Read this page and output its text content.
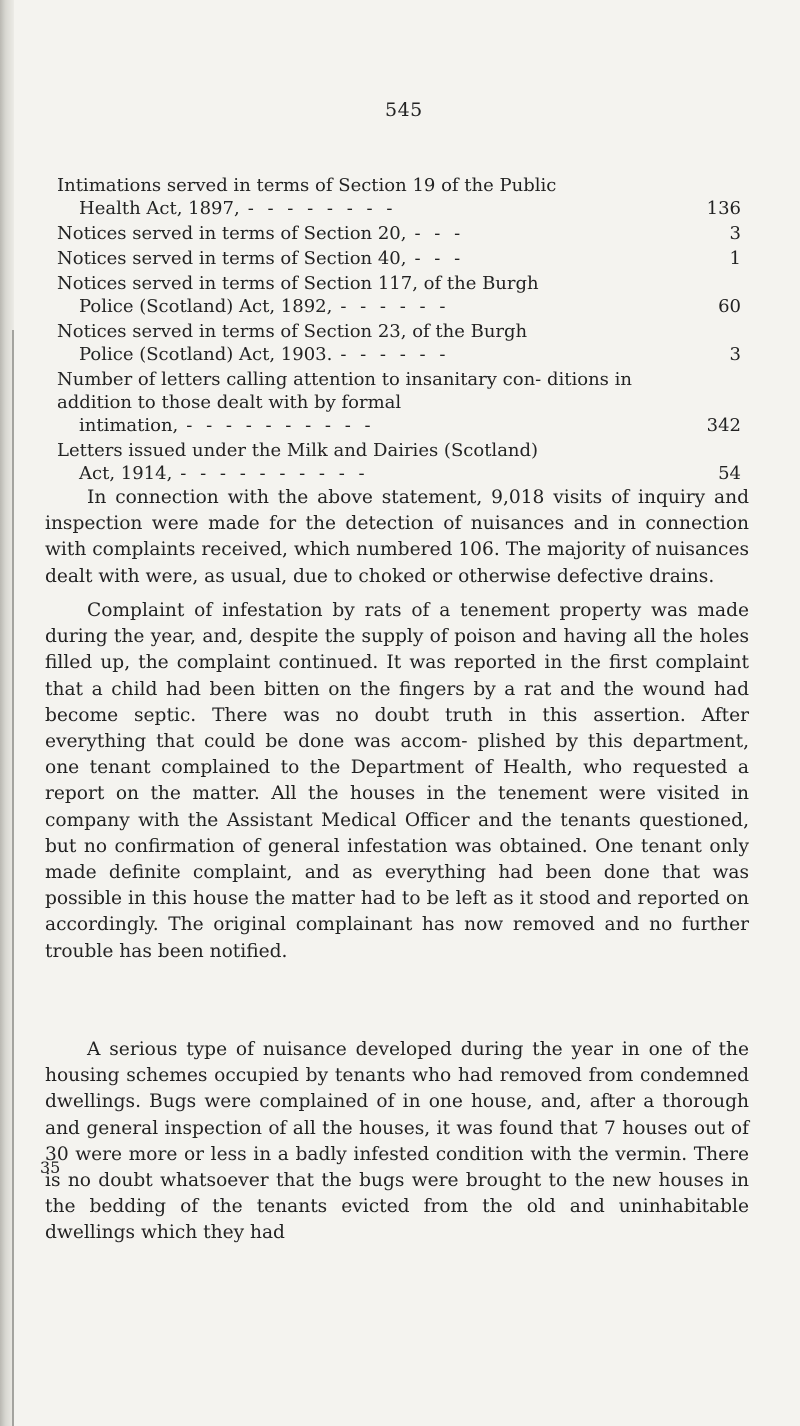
545
Intimations served in terms of Section 19 of the Public
Health Act, 1897, - - - - - - - -	136
Notices served in terms of Section 20, - - -	3
Notices served in terms of Section 40, - - -	1
Notices served in terms of Section 117, of the Burgh
Police (Scotland) Act, 1892, - - - - - -	60
Notices served in terms of Section 23, of the Burgh
Police (Scotland) Act, 1903. - - - - - -	3
Number of letters calling attention to insanitary con- ditions in addition to those dealt with by formal
intimation, - - - - - - - - - -	342
Letters issued under the Milk and Dairies (Scotland)
Act, 1914, - - - - - - - - - -	54

In connection with the above statement, 9,018 visits of inquiry and inspection were made for the detection of nuisances and in connection with complaints received, which numbered 106. The majority of nuisances dealt with were, as usual, due to choked or otherwise defective drains.

Complaint of infestation by rats of a tenement property was made during the year, and, despite the supply of poison and having all the holes filled up, the complaint continued. It was reported in the first complaint that a child had been bitten on the fingers by a rat and the wound had become septic. There was no doubt truth in this assertion. After everything that could be done was accom- plished by this department, one tenant complained to the Department of Health, who requested a report on the matter. All the houses in the tenement were visited in company with the Assistant Medical Officer and the tenants questioned, but no confirmation of general infestation was obtained. One tenant only made definite complaint, and as everything had been done that was possible in this house the matter had to be left as it stood and reported on accordingly. The original complainant has now removed and no further trouble has been notified.

A serious type of nuisance developed during the year in one of the housing schemes occupied by tenants who had removed from condemned dwellings. Bugs were complained of in one house, and, after a thorough and general inspection of all the houses, it was found that 7 houses out of 30 were more or less in a badly infested condition with the vermin. There is no doubt whatsoever that the bugs were brought to the new houses in the bedding of the tenants evicted from the old and uninhabitable dwellings which they had

35
